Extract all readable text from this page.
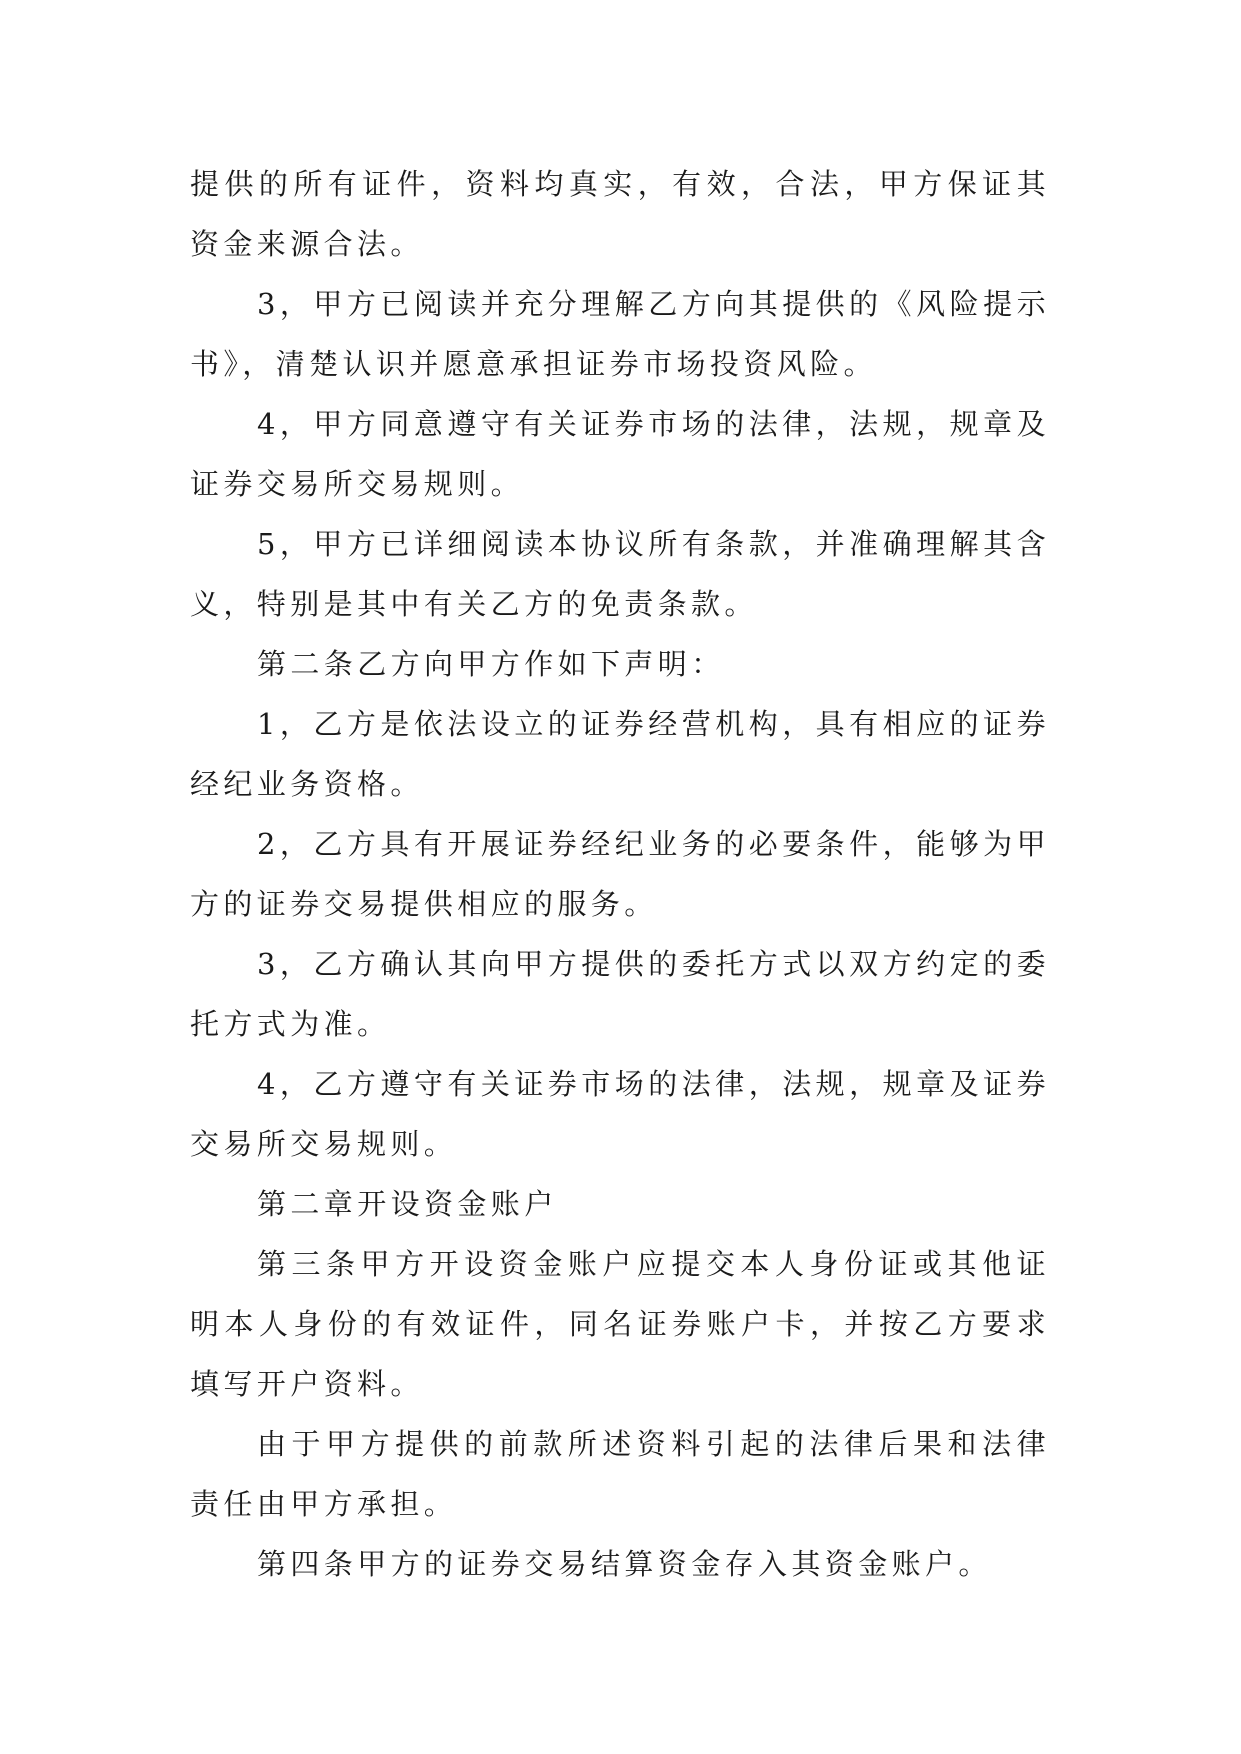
提供的所有证件，资料均真实，有效，合法，甲方保证其资金来源合法。

3，甲方已阅读并充分理解乙方向其提供的《风险提示书》，清楚认识并愿意承担证券市场投资风险。

4，甲方同意遵守有关证券市场的法律，法规，规章及证券交易所交易规则。

5，甲方已详细阅读本协议所有条款，并准确理解其含义，特别是其中有关乙方的免责条款。

第二条乙方向甲方作如下声明：

1，乙方是依法设立的证券经营机构，具有相应的证券经纪业务资格。

2，乙方具有开展证券经纪业务的必要条件，能够为甲方的证券交易提供相应的服务。

3，乙方确认其向甲方提供的委托方式以双方约定的委托方式为准。

4，乙方遵守有关证券市场的法律，法规，规章及证券交易所交易规则。

第二章开设资金账户

第三条甲方开设资金账户应提交本人身份证或其他证明本人身份的有效证件，同名证券账户卡，并按乙方要求填写开户资料。

由于甲方提供的前款所述资料引起的法律后果和法律责任由甲方承担。

第四条甲方的证券交易结算资金存入其资金账户。
